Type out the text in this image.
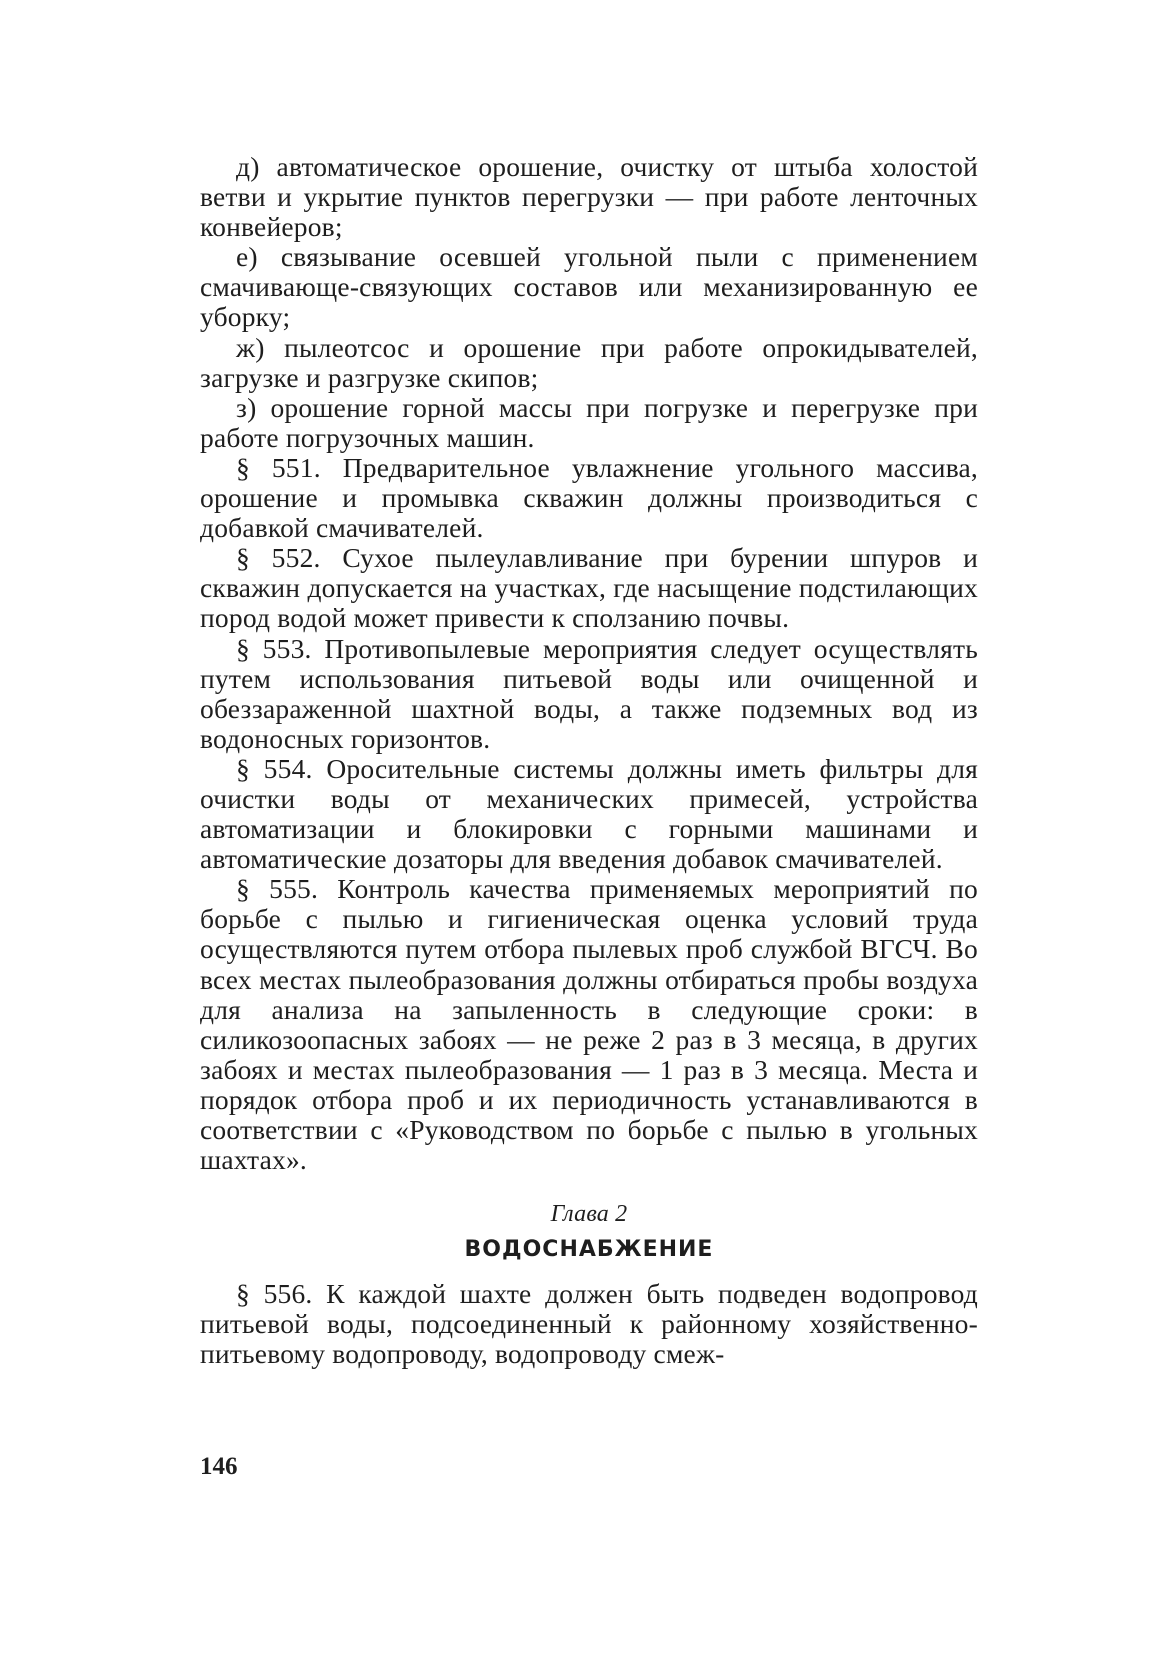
д) автоматическое орошение, очистку от штыба холостой ветви и укрытие пунктов перегрузки — при работе ленточных конвейеров;

е) связывание осевшей угольной пыли с применением смачивающе-связующих составов или механизированную ее уборку;

ж) пылеотсос и орошение при работе опрокидывателей, загрузке и разгрузке скипов;

з) орошение горной массы при погрузке и перегрузке при работе погрузочных машин.

§ 551. Предварительное увлажнение угольного массива, орошение и промывка скважин должны производиться с добавкой смачивателей.

§ 552. Сухое пылеулавливание при бурении шпуров и скважин допускается на участках, где насыщение подстилающих пород водой может привести к сползанию почвы.

§ 553. Противопылевые мероприятия следует осуществлять путем использования питьевой воды или очищенной и обеззараженной шахтной воды, а также подземных вод из водоносных горизонтов.

§ 554. Оросительные системы должны иметь фильтры для очистки воды от механических примесей, устройства автоматизации и блокировки с горными машинами и автоматические дозаторы для введения добавок смачивателей.

§ 555. Контроль качества применяемых мероприятий по борьбе с пылью и гигиеническая оценка условий труда осуществляются путем отбора пылевых проб службой ВГСЧ. Во всех местах пылеобразования должны отбираться пробы воздуха для анализа на запыленность в следующие сроки: в силикозоопасных забоях — не реже 2 раз в 3 месяца, в других забоях и местах пылеобразования — 1 раз в 3 месяца. Места и порядок отбора проб и их периодичность устанавливаются в соответствии с «Руководством по борьбе с пылью в угольных шахтах».

Глава 2
ВОДОСНАБЖЕНИЕ

§ 556. К каждой шахте должен быть подведен водопровод питьевой воды, подсоединенный к районному хозяйственно-питьевому водопроводу, водопроводу смеж-

146
